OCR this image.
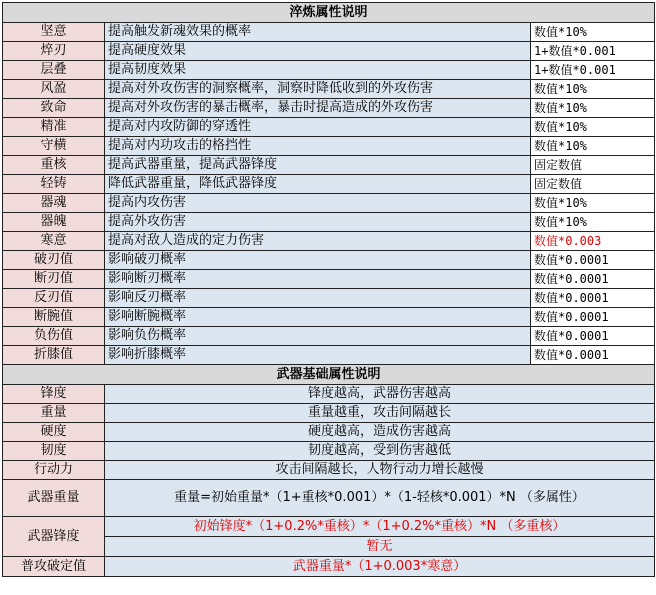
淬炼属性说明		
坚意	提高触发新魂效果的概率	数值*10%
焠刃	提高硬度效果	1+数值*0.001
层叠	提高韧度效果	1+数值*0.001
风盈	提高对外攻伤害的洞察概率，洞察时降低收到的外攻伤害	数值*10%
致命	提高对外攻伤害的暴击概率，暴击时提高造成的外攻伤害	数值*10%
精准	提高对内攻防御的穿透性	数值*10%
守横	提高对内功攻击的格挡性	数值*10%
重核	提高武器重量，提高武器锋度	固定数值
轻铸	降低武器重量，降低武器锋度	固定数值
器魂	提高内攻伤害	数值*10%
器魄	提高外攻伤害	数值*10%
寒意	提高对敌人造成的定力伤害	数值*0.003
破刃值	影响破刃概率	数值*0.0001
断刃值	影响断刃概率	数值*0.0001
反刃值	影响反刃概率	数值*0.0001
断腕值	影响断腕概率	数值*0.0001
负伤值	影响负伤概率	数值*0.0001
折膝值	影响折膝概率	数值*0.0001
武器基础属性说明		
锋度	锋度越高，武器伤害越高	
重量	重量越重，攻击间隔越长	
硬度	硬度越高，造成伤害越高	
韧度	韧度越高，受到伤害越低	
行动力	攻击间隔越长，人物行动力增长越慢	
武器重量	重量=初始重量*（1+重核*0.001）*（1-轻核*0.001）*N （多属性）	
武器锋度	初始锋度*（1+0.2%*重核）*（1+0.2%*重核）*N （多重核）	
	暂无	
普攻破定值	武器重量*（1+0.003*寒意）	
